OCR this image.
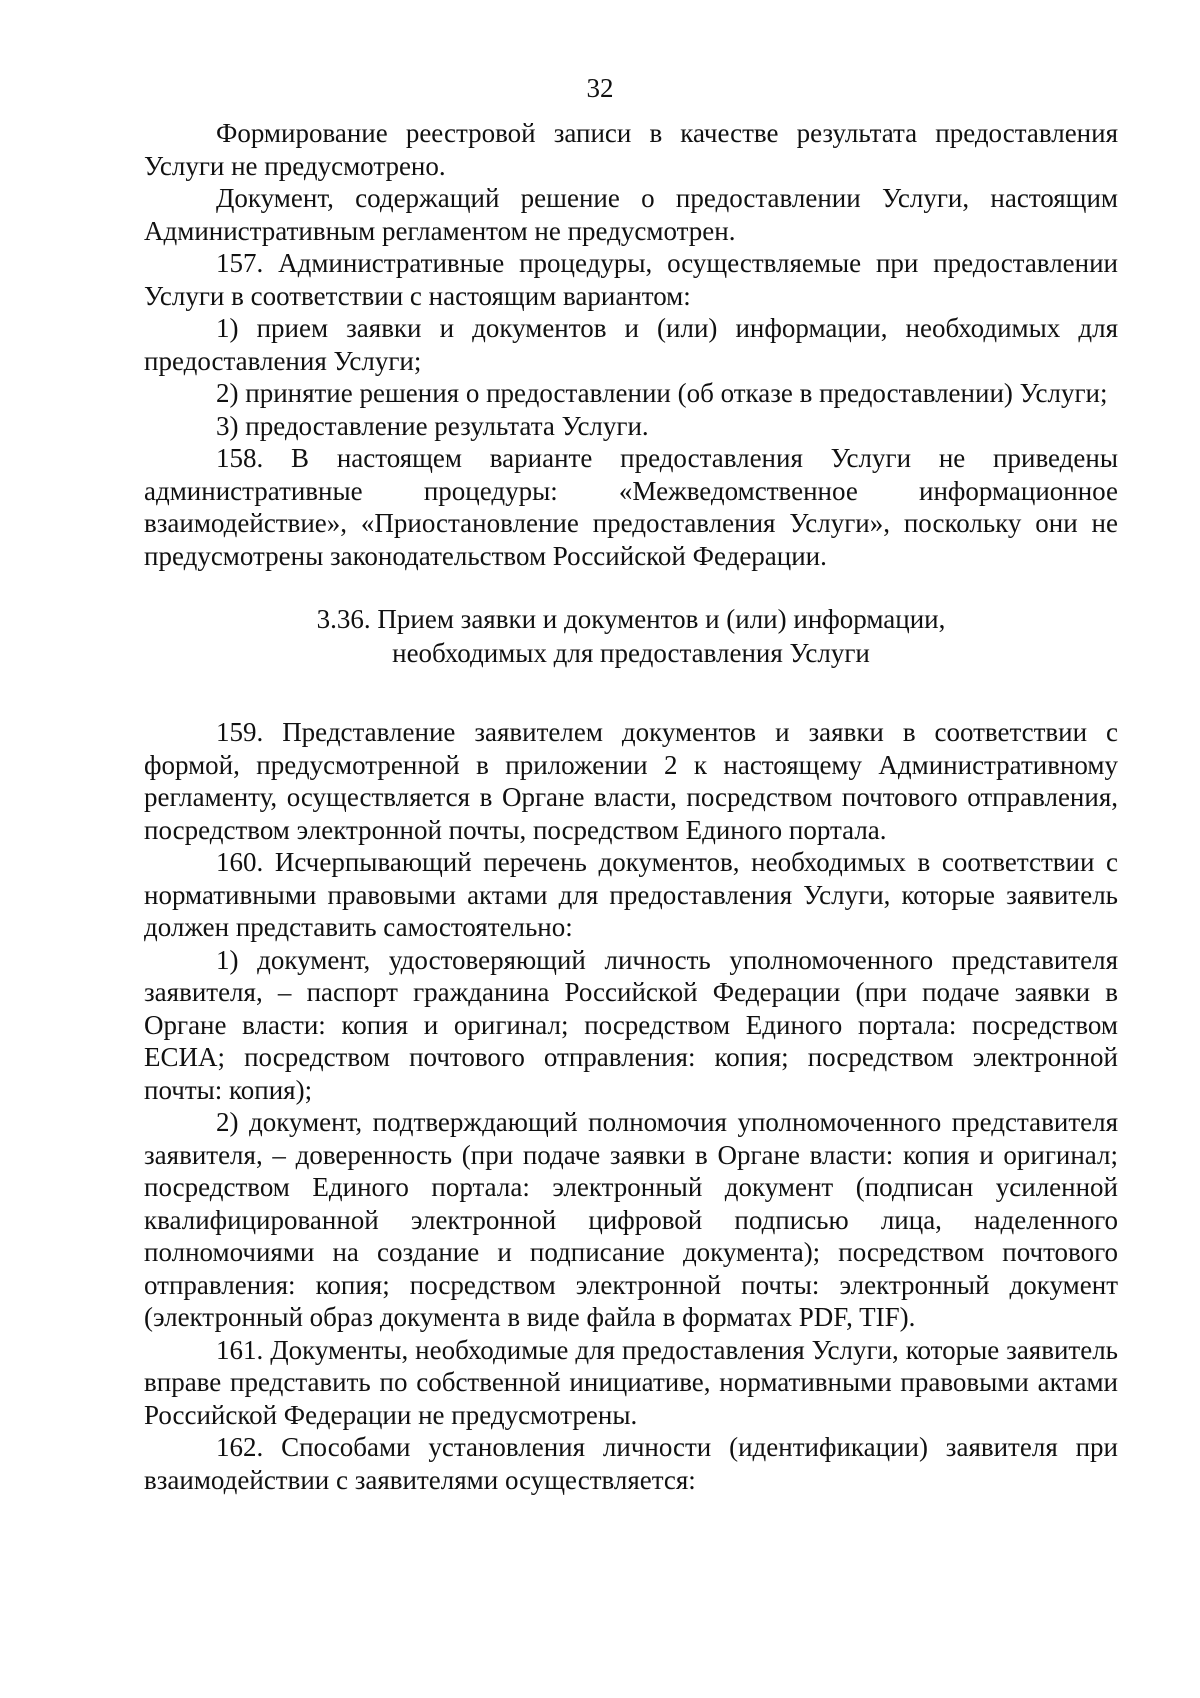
32

Формирование реестровой записи в качестве результата предоставления Услуги не предусмотрено.

Документ, содержащий решение о предоставлении Услуги, настоящим Административным регламентом не предусмотрен.

157. Административные процедуры, осуществляемые при предоставлении Услуги в соответствии с настоящим вариантом:

1) прием заявки и документов и (или) информации, необходимых для предоставления Услуги;

2) принятие решения о предоставлении (об отказе в предоставлении) Услуги;

3) предоставление результата Услуги.

158. В настоящем варианте предоставления Услуги не приведены административные процедуры: «Межведомственное информационное взаимодействие», «Приостановление предоставления Услуги», поскольку они не предусмотрены законодательством Российской Федерации.

3.36. Прием заявки и документов и (или) информации,
необходимых для предоставления Услуги

159. Представление заявителем документов и заявки в соответствии с формой, предусмотренной в приложении 2 к настоящему Административному регламенту, осуществляется в Органе власти, посредством почтового отправления, посредством электронной почты, посредством Единого портала.

160. Исчерпывающий перечень документов, необходимых в соответствии с нормативными правовыми актами для предоставления Услуги, которые заявитель должен представить самостоятельно:

1) документ, удостоверяющий личность уполномоченного представителя заявителя, – паспорт гражданина Российской Федерации (при подаче заявки в Органе власти: копия и оригинал; посредством Единого портала: посредством ЕСИА; посредством почтового отправления: копия; посредством электронной почты: копия);

2) документ, подтверждающий полномочия уполномоченного представителя заявителя, – доверенность (при подаче заявки в Органе власти: копия и оригинал; посредством Единого портала: электронный документ (подписан усиленной квалифицированной электронной цифровой подписью лица, наделенного полномочиями на создание и подписание документа); посредством почтового отправления: копия; посредством электронной почты: электронный документ (электронный образ документа в виде файла в форматах PDF, TIF).

161. Документы, необходимые для предоставления Услуги, которые заявитель вправе представить по собственной инициативе, нормативными правовыми актами Российской Федерации не предусмотрены.

162. Способами установления личности (идентификации) заявителя при взаимодействии с заявителями осуществляется:
